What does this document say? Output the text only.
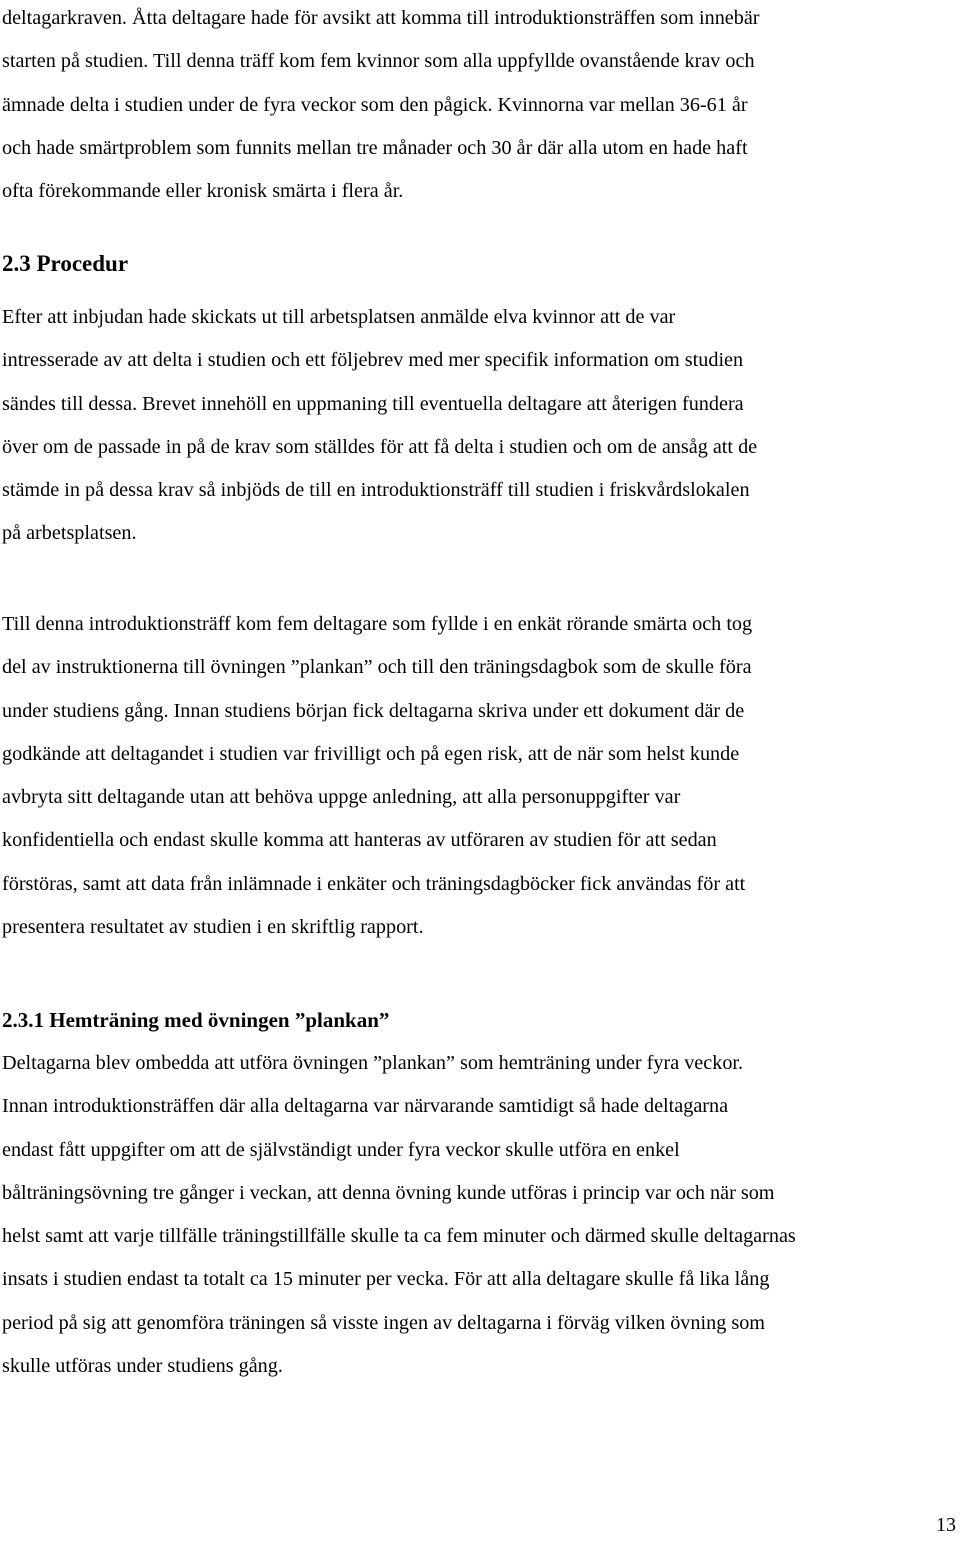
deltagarkraven. Åtta deltagare hade för avsikt att komma till introduktionsträffen som innebär
starten på studien. Till denna träff kom fem kvinnor som alla uppfyllde ovanstående krav och
ämnade delta i studien under de fyra veckor som den pågick. Kvinnorna var mellan 36-61 år
och hade smärtproblem som funnits mellan tre månader och 30 år där alla utom en hade haft
ofta förekommande eller kronisk smärta i flera år.
2.3 Procedur
Efter att inbjudan hade skickats ut till arbetsplatsen anmälde elva kvinnor att de var
intresserade av att delta i studien och ett följebrev med mer specifik information om studien
sändes till dessa. Brevet innehöll en uppmaning till eventuella deltagare att återigen fundera
över om de passade in på de krav som ställdes för att få delta i studien och om de ansåg att de
stämde in på dessa krav så inbjöds de till en introduktionsträff till studien i friskvårdslokalen
på arbetsplatsen.
Till denna introduktionsträff kom fem deltagare som fyllde i en enkät rörande smärta och tog
del av instruktionerna till övningen ”plankan” och till den träningsdagbok som de skulle föra
under studiens gång. Innan studiens början fick deltagarna skriva under ett dokument där de
godkände att deltagandet i studien var frivilligt och på egen risk, att de när som helst kunde
avbryta sitt deltagande utan att behöva uppge anledning, att alla personuppgifter var
konfidentiella och endast skulle komma att hanteras av utföraren av studien för att sedan
förstöras, samt att data från inlämnade i enkäter och träningsdagböcker fick användas för att
presentera resultatet av studien i en skriftlig rapport.
2.3.1 Hemträning med övningen ”plankan”
Deltagarna blev ombedda att utföra övningen ”plankan” som hemträning under fyra veckor.
Innan introduktionsträffen där alla deltagarna var närvarande samtidigt så hade deltagarna
endast fått uppgifter om att de självständigt under fyra veckor skulle utföra en enkel
bålträningsövning tre gånger i veckan, att denna övning kunde utföras i princip var och när som
helst samt att varje tillfälle träningstillfälle skulle ta ca fem minuter och därmed skulle deltagarnas
insats i studien endast ta totalt ca 15 minuter per vecka. För att alla deltagare skulle få lika lång
period på sig att genomföra träningen så visste ingen av deltagarna i förväg vilken övning som
skulle utföras under studiens gång.

13
